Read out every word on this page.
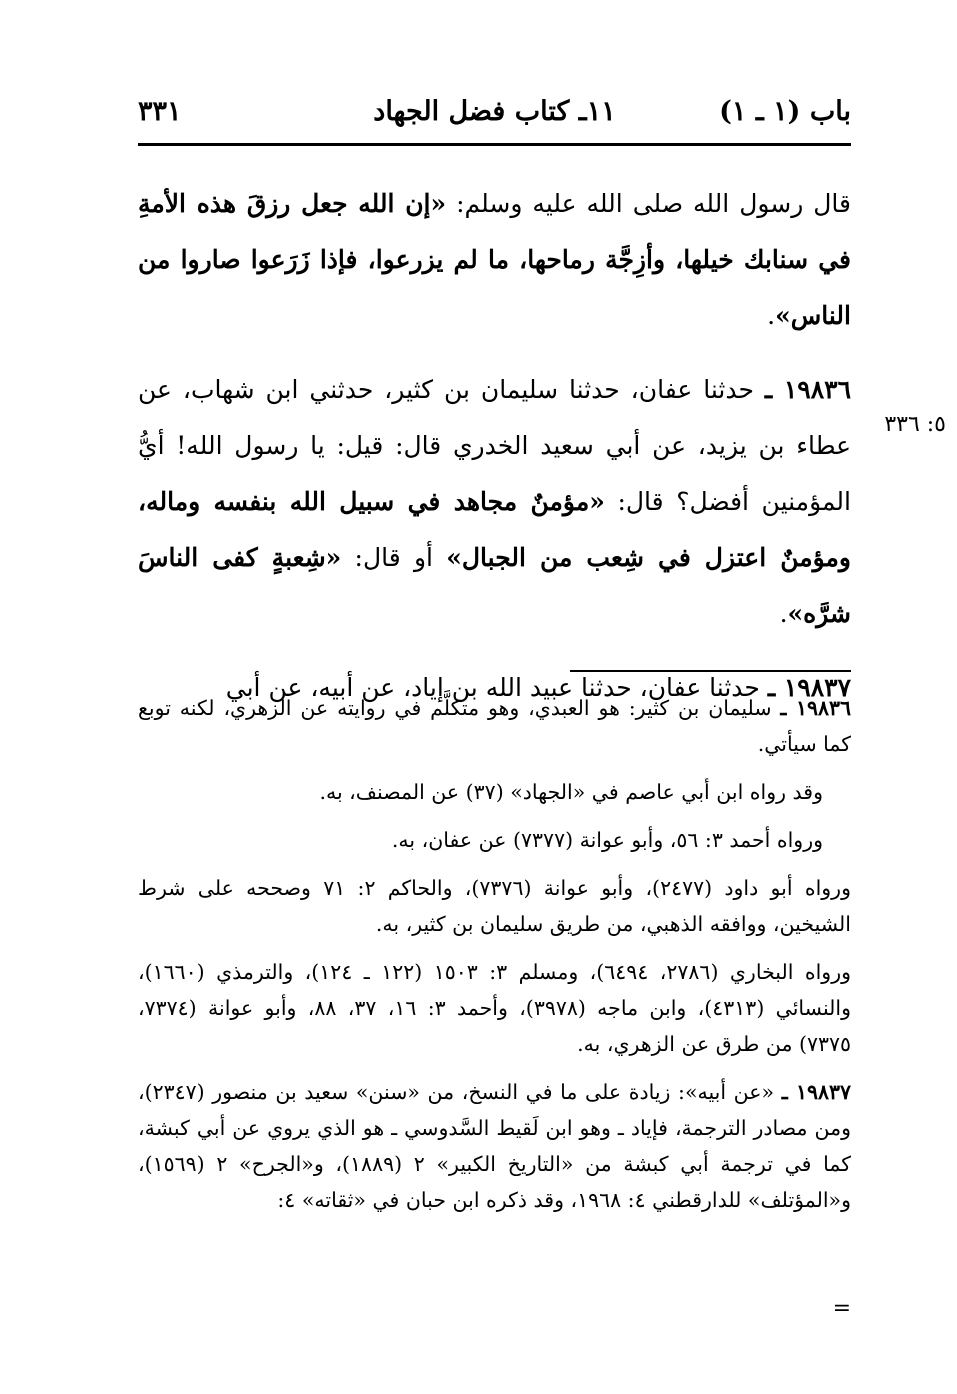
باب (١ ـ ١)
١١ـ كتاب فضل الجهاد
٣٣١

قال رسول الله صلى الله عليه وسلم: «إن الله جعل رزقَ هذه الأمةِ في سنابك خيلها، وأزِجَّة رماحها، ما لم يزرعوا، فإذا زَرَعوا صاروا من الناس».

١٩٨٣٦ ـ حدثنا عفان، حدثنا سليمان بن كثير، حدثني ابن شهاب، عن عطاء بن يزيد، عن أبي سعيد الخدري قال: قيل: يا رسول الله! أيُّ المؤمنين أفضل؟ قال: «مؤمنٌ مجاهد في سبيل الله بنفسه وماله، ومؤمنٌ اعتزل في شِعب من الجبال» أو قال: «شِعبةٍ كفى الناسَ شرَّه».

١٩٨٣٧ ـ حدثنا عفان، حدثنا عبيد الله بن إياد، عن أبيه، عن أبي

٥: ٣٣٦

١٩٨٣٦ ـ سليمان بن كثير: هو العبدي، وهو متكلَّم في روايته عن الزهري، لكنه توبع كما سيأتي.

وقد رواه ابن أبي عاصم في «الجهاد» (٣٧) عن المصنف، به.

ورواه أحمد ٣: ٥٦، وأبو عوانة (٧٣٧٧) عن عفان، به.

ورواه أبو داود (٢٤٧٧)، وأبو عوانة (٧٣٧٦)، والحاكم ٢: ٧١ وصححه على شرط الشيخين، ووافقه الذهبي، من طريق سليمان بن كثير، به.

ورواه البخاري (٢٧٨٦، ٦٤٩٤)، ومسلم ٣: ١٥٠٣ (١٢٢ ـ ١٢٤)، والترمذي (١٦٦٠)، والنسائي (٤٣١٣)، وابن ماجه (٣٩٧٨)، وأحمد ٣: ١٦، ٣٧، ٨٨، وأبو عوانة (٧٣٧٤، ٧٣٧٥) من طرق عن الزهري، به.

١٩٨٣٧ ـ «عن أبيه»: زيادة على ما في النسخ، من «سنن» سعيد بن منصور (٢٣٤٧)، ومن مصادر الترجمة، فإياد ـ وهو ابن لَقيط السَّدوسي ـ هو الذي يروي عن أبي كبشة، كما في ترجمة أبي كبشة من «التاريخ الكبير» ٢ (١٨٨٩)، و«الجرح» ٢ (١٥٦٩)، و«المؤتلف» للدارقطني ٤: ١٩٦٨، وقد ذكره ابن حبان في «ثقاته» ٤:

=
